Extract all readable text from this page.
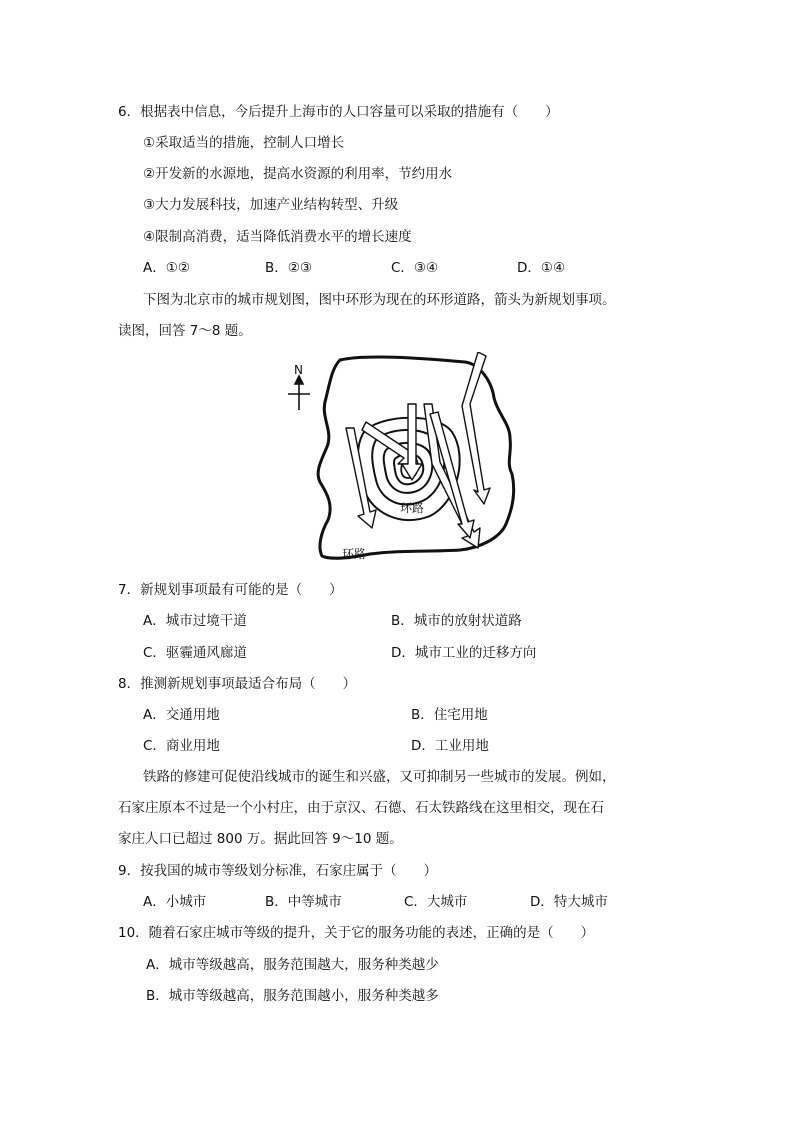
6．根据表中信息，今后提升上海市的人口容量可以采取的措施有（　　）
①采取适当的措施，控制人口增长
②开发新的水源地，提高水资源的利用率，节约用水
③大力发展科技，加速产业结构转型、升级
④限制高消费，适当降低消费水平的增长速度
A．①②	B．②③	C．③④	D．①④
下图为北京市的城市规划图，图中环形为现在的环形道路，箭头为新规划事项。
读图，回答 7～8 题。
N
环路
环路
7．新规划事项最有可能的是（　　）
A．城市过境干道	B．城市的放射状道路
C．驱霾通风廊道	D．城市工业的迁移方向
8．推测新规划事项最适合布局（　　）
A．交通用地	B．住宅用地
C．商业用地	D．工业用地
铁路的修建可促使沿线城市的诞生和兴盛，又可抑制另一些城市的发展。例如，
石家庄原本不过是一个小村庄，由于京汉、石德、石太铁路线在这里相交，现在石
家庄人口已超过 800 万。据此回答 9～10 题。
9．按我国的城市等级划分标准，石家庄属于（　　）
A．小城市	B．中等城市	C．大城市	D．特大城市
10．随着石家庄城市等级的提升，关于它的服务功能的表述，正确的是（　　）
A．城市等级越高，服务范围越大，服务种类越少
B．城市等级越高，服务范围越小，服务种类越多
